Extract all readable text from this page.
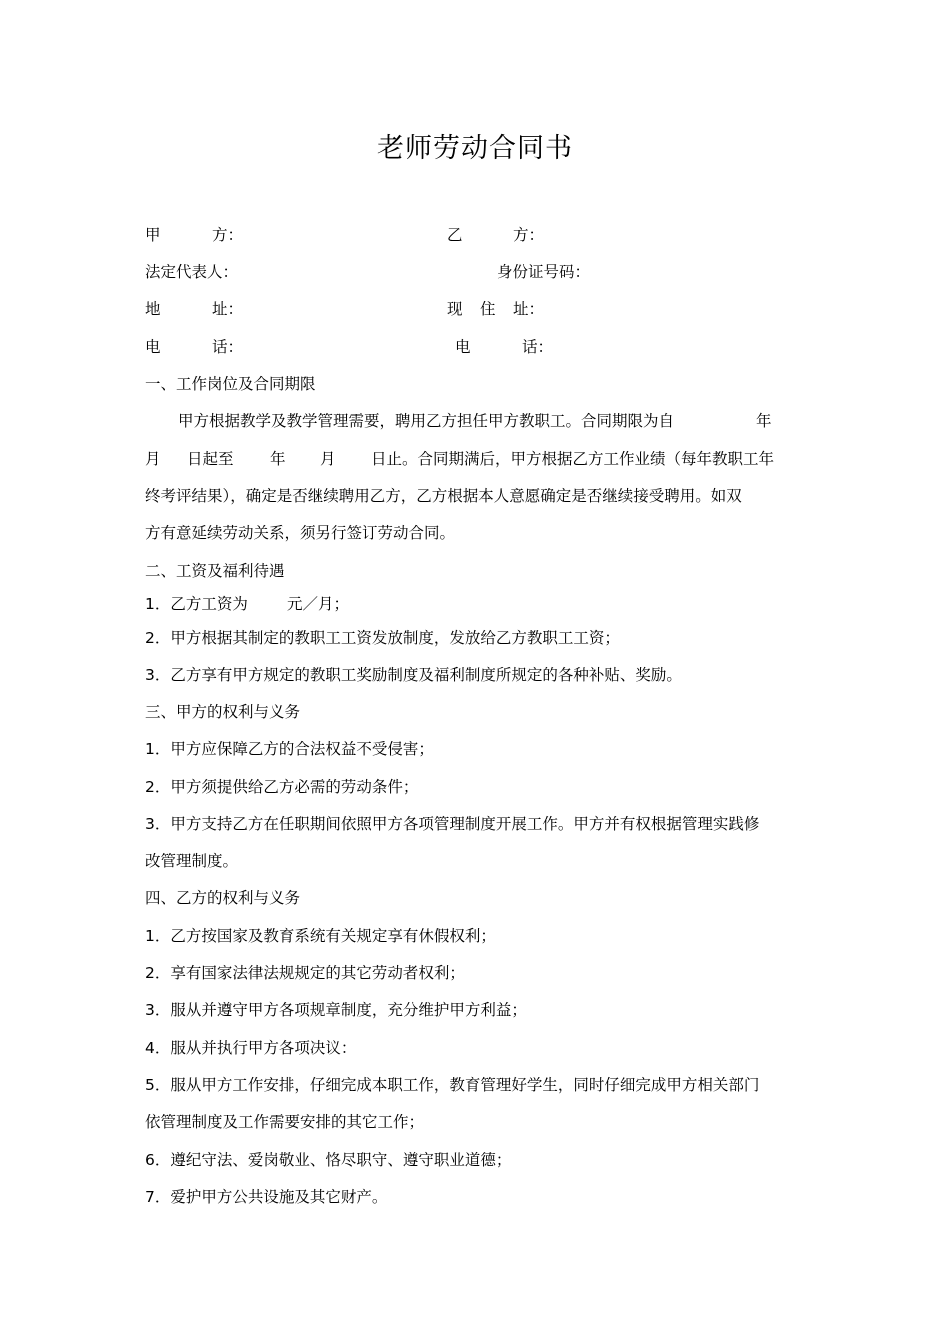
老师劳动合同书
甲	方：	乙	方：
法定代表人：	身份证号码：
地	址：	现 住 址：
电	话：	电	话：
一、工作岗位及合同期限
甲方根据教学及教学管理需要，聘用乙方担任甲方教职工。合同期限为自	年
月 日起至 年 月 日止。合同期满后，甲方根据乙方工作业绩（每年教职工年
终考评结果），确定是否继续聘用乙方，乙方根据本人意愿确定是否继续接受聘用。如双
方有意延续劳动关系，须另行签订劳动合同。
二、工资及福利待遇
1．乙方工资为	元／月；
2．甲方根据其制定的教职工工资发放制度，发放给乙方教职工工资；
3．乙方享有甲方规定的教职工奖励制度及福利制度所规定的各种补贴、奖励。
三、甲方的权利与义务
1．甲方应保障乙方的合法权益不受侵害；
2．甲方须提供给乙方必需的劳动条件；
3．甲方支持乙方在任职期间依照甲方各项管理制度开展工作。甲方并有权根据管理实践修
改管理制度。
四、乙方的权利与义务
1．乙方按国家及教育系统有关规定享有休假权利；
2．享有国家法律法规规定的其它劳动者权利；
3．服从并遵守甲方各项规章制度，充分维护甲方利益；
4．服从并执行甲方各项决议：
5．服从甲方工作安排，仔细完成本职工作，教育管理好学生，同时仔细完成甲方相关部门
依管理制度及工作需要安排的其它工作；
6．遵纪守法、爱岗敬业、恪尽职守、遵守职业道德；
7．爱护甲方公共设施及其它财产。
